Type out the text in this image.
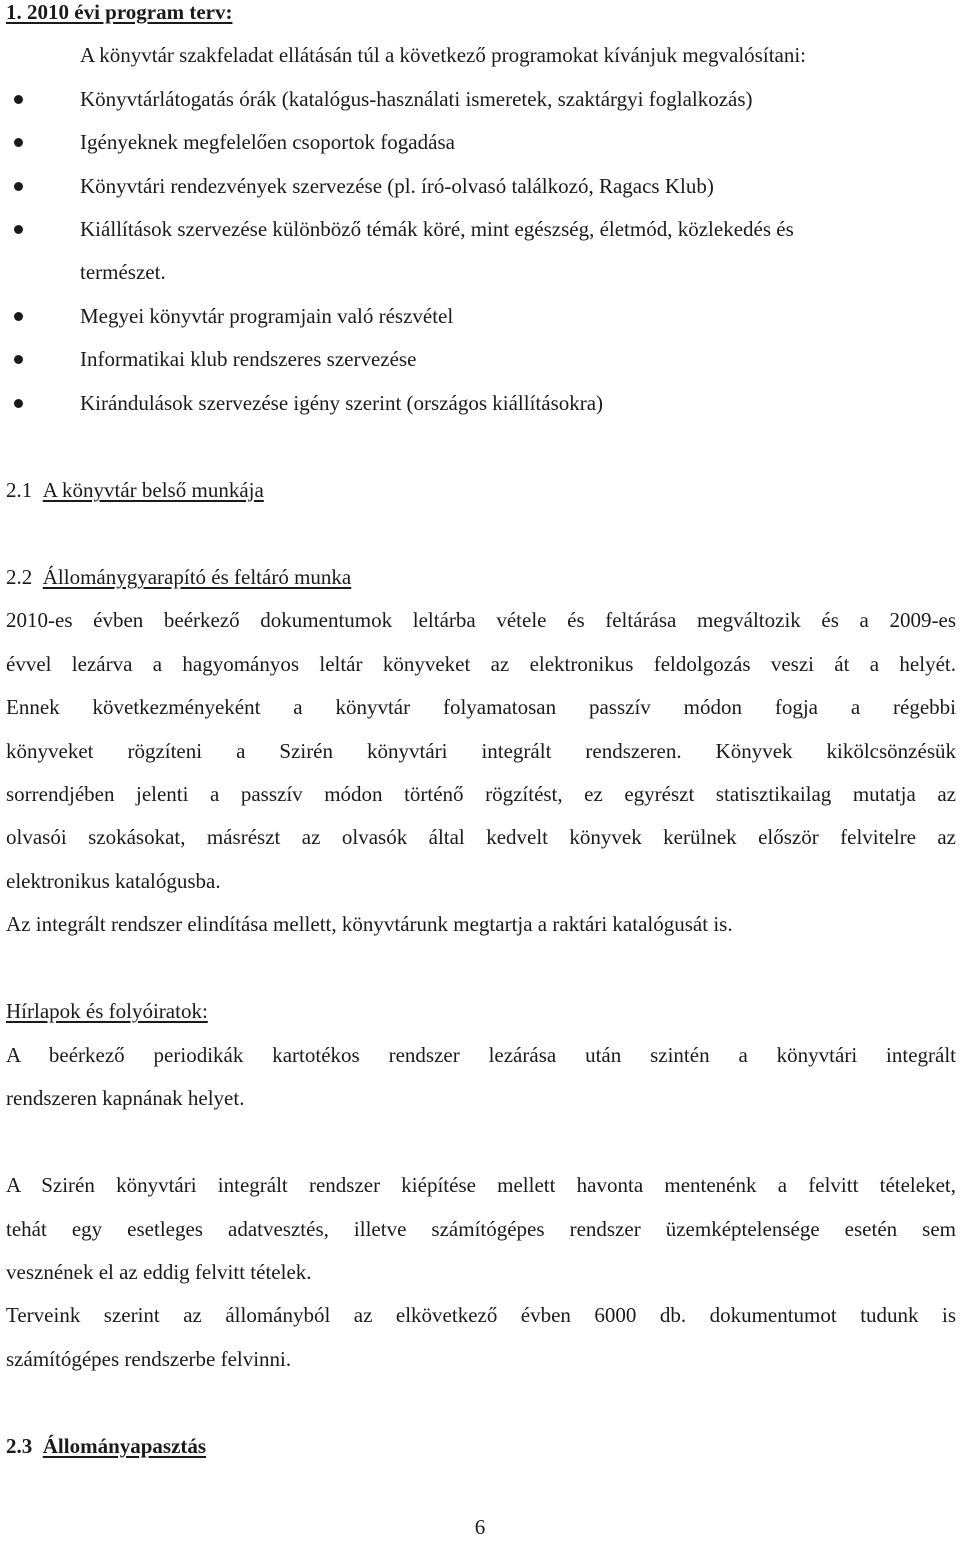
1. 2010 évi program terv:
A könyvtár szakfeladat ellátásán túl a következő programokat kívánjuk megvalósítani:
Könyvtárlátogatás órák (katalógus-használati ismeretek, szaktárgyi foglalkozás)
Igényeknek megfelelően csoportok fogadása
Könyvtári rendezvények szervezése (pl. író-olvasó találkozó, Ragacs Klub)
Kiállítások szervezése különböző témák köré, mint egészség, életmód, közlekedés és
természet.
Megyei könyvtár programjain való részvétel
Informatikai klub rendszeres szervezése
Kirándulások szervezése igény szerint (országos kiállításokra)
2.1 A könyvtár belső munkája
2.2 Állománygyarapító és feltáró munka
2010-es évben beérkező dokumentumok leltárba vétele és feltárása megváltozik és a 2009-es
évvel lezárva a hagyományos leltár könyveket az elektronikus feldolgozás veszi át a helyét.
Ennek következményeként a könyvtár folyamatosan passzív módon fogja a régebbi
könyveket rögzíteni a Szirén könyvtári integrált rendszeren. Könyvek kikölcsönzésük
sorrendjében jelenti a passzív módon történő rögzítést, ez egyrészt statisztikailag mutatja az
olvasói szokásokat, másrészt az olvasók által kedvelt könyvek kerülnek először felvitelre az
elektronikus katalógusba.
Az integrált rendszer elindítása mellett, könyvtárunk megtartja a raktári katalógusát is.
Hírlapok és folyóiratok:
A beérkező periodikák kartotékos rendszer lezárása után szintén a könyvtári integrált
rendszeren kapnának helyet.
A Szirén könyvtári integrált rendszer kiépítése mellett havonta mentenénk a felvitt tételeket,
tehát egy esetleges adatvesztés, illetve számítógépes rendszer üzemképtelensége esetén sem
vesznének el az eddig felvitt tételek.
Terveink szerint az állományból az elkövetkező évben 6000 db. dokumentumot tudunk is
számítógépes rendszerbe felvinni.
2.3 Állományapasztás
6
